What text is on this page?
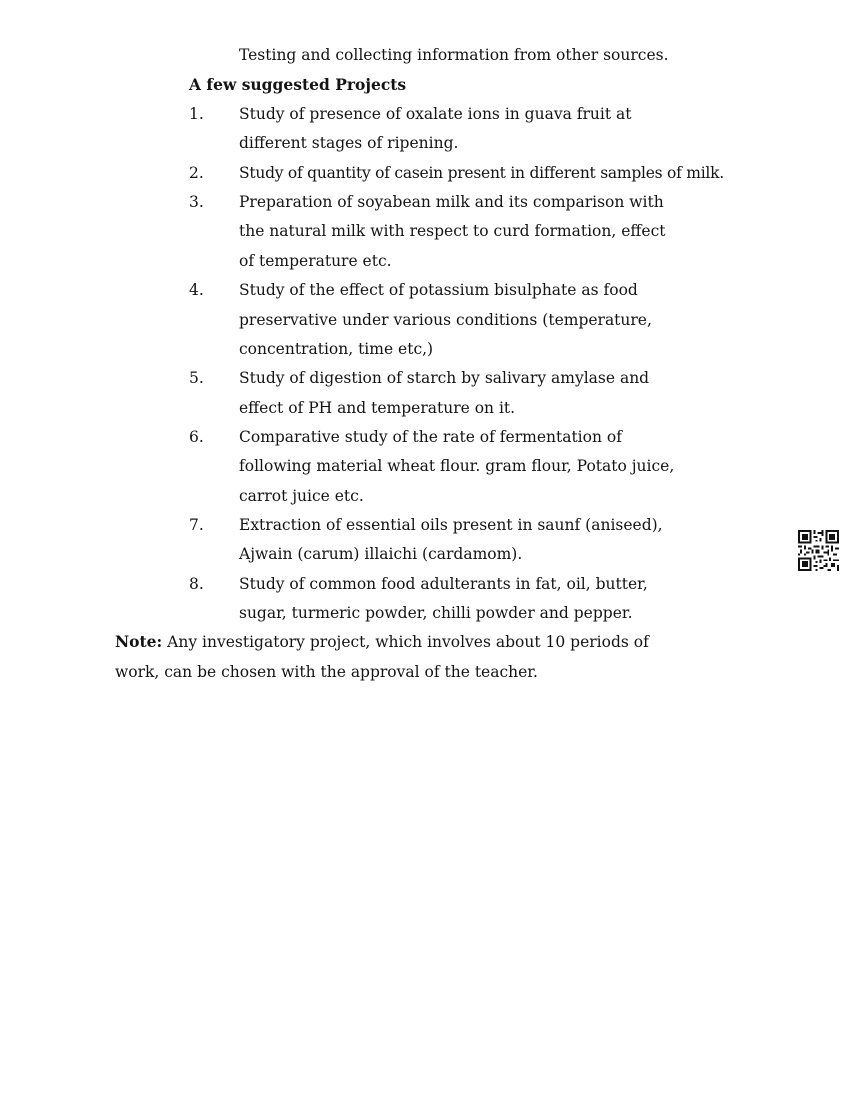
Testing and collecting information from other sources.
A few suggested Projects
1. Study of presence of oxalate ions in guava fruit at
different stages of ripening.
2. Study of quantity of casein present in different samples of milk.
3. Preparation of soyabean milk and its comparison with
the natural milk with respect to curd formation, effect
of temperature etc.
4. Study of the effect of potassium bisulphate as food
preservative under various conditions (temperature,
concentration, time etc,)
5. Study of digestion of starch by salivary amylase and
effect of PH and temperature on it.
6. Comparative study of the rate of fermentation of
following material wheat flour. gram flour, Potato juice,
carrot juice etc.
7. Extraction of essential oils present in saunf (aniseed),
Ajwain (carum) illaichi (cardamom).
8. Study of common food adulterants in fat, oil, butter,
sugar, turmeric powder, chilli powder and pepper.
Note: Any investigatory project, which involves about 10 periods of
work, can be chosen with the approval of the teacher.
